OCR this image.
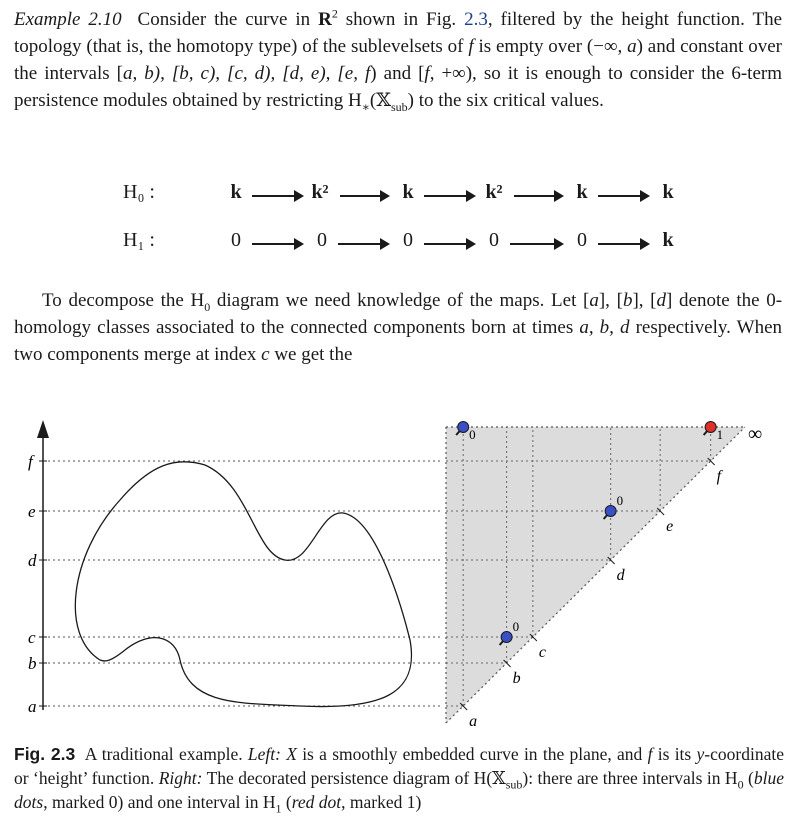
Example 2.10 Consider the curve in $R^2$ shown in Fig. 2.3, filtered by the height function. The topology (that is, the homotopy type) of the sublevelsets of f is empty over (−∞, a) and constant over the intervals [a, b), [b, c), [c, d), [d, e), [e, f) and [f, +∞), so it is enough to consider the 6-term persistence modules obtained by restricting $H_∗(𝕏_{sub})$ to the six critical values.
H₀ :	k	k²	k	k²	k	k
H₁ :	0	0	0	0	0	k
To decompose the $H_0$ diagram we need knowledge of the maps. Let [a], [b], [d] denote the 0-homology classes associated to the connected components born at times a, b, d respectively. When two components merge at index c we get the
f
e
d
c
b
a
f
e
d
c
b
a
∞
0
0
0
1
Fig. 2.3 A traditional example. Left: X is a smoothly embedded curve in the plane, and f is its y-coordinate or ‘height’ function. Right: The decorated persistence diagram of H(𝕏$_{sub}$): there are three intervals in $H_0$ (blue dots, marked 0) and one interval in $H_1$ (red dot, marked 1)
